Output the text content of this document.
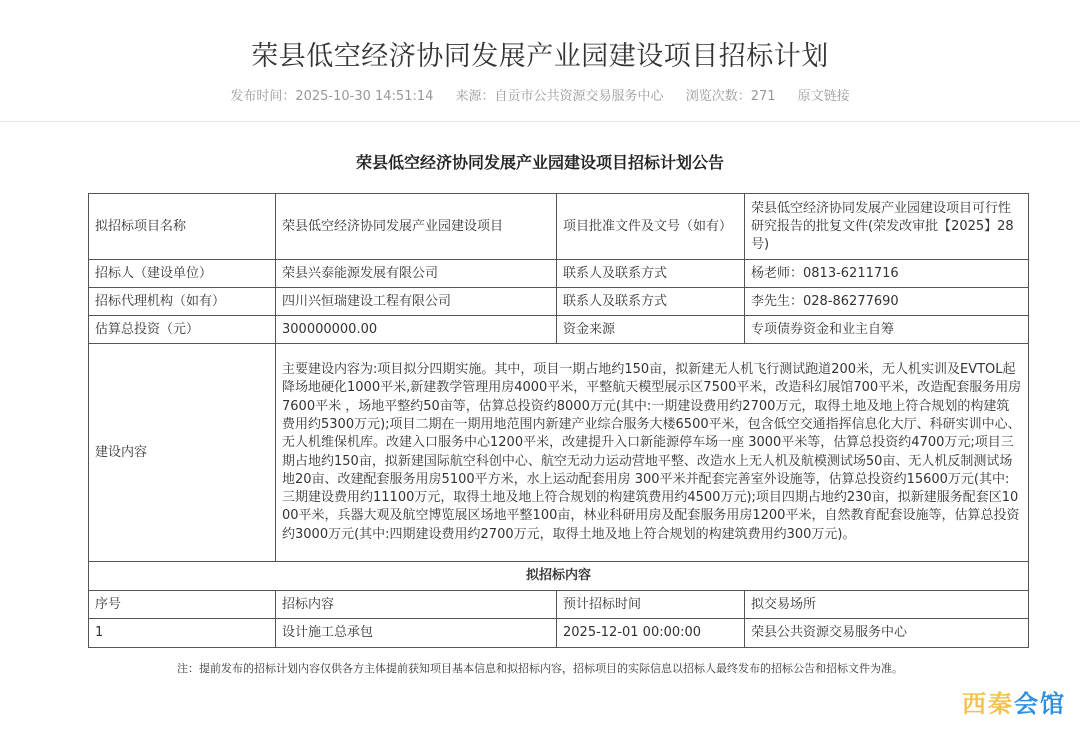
荣县低空经济协同发展产业园建设项目招标计划
发布时间：2025-10-30 14:51:14 来源：自贡市公共资源交易服务中心 浏览次数：271 原文链接
荣县低空经济协同发展产业园建设项目招标计划公告
拟招标项目名称	荣县低空经济协同发展产业园建设项目	项目批准文件及文号（如有）	荣县低空经济协同发展产业园建设项目可行性研究报告的批复文件(荣发改审批【2025】28号)
招标人（建设单位）	荣县兴泰能源发展有限公司	联系人及联系方式	杨老师：0813-6211716
招标代理机构（如有）	四川兴恒瑞建设工程有限公司	联系人及联系方式	李先生：028-86277690
估算总投资（元）	300000000.00	资金来源	专项债券资金和业主自筹
建设内容	主要建设内容为:项目拟分四期实施。其中，项目一期占地约150亩，拟新建无人机飞行测试跑道200米，无人机实训及EVTOL起降场地硬化1000平米,新建教学管理用房4000平米，平整航天模型展示区7500平米，改造科幻展馆700平米，改造配套服务用房7600平米 ，场地平整约50亩等，估算总投资约8000万元(其中:一期建设费用约2700万元，取得土地及地上符合规划的构建筑费用约5300万元);项目二期在一期用地范围内新建产业综合服务大楼6500平米，包含低空交通指挥信息化大厅、科研实训中心、无人机维保机库。改建入口服务中心1200平米，改建提升入口新能源停车场一座 3000平米等，估算总投资约4700万元;项目三期占地约150亩，拟新建国际航空科创中心、航空无动力运动营地平整、改造水上无人机及航模测试场50亩、无人机反制测试场地20亩、改建配套服务用房5100平方米，水上运动配套用房 300平米并配套完善室外设施等，估算总投资约15600万元(其中:三期建设费用约11100万元，取得土地及地上符合规划的构建筑费用约4500万元);项目四期占地约230亩，拟新建服务配套区1000平米，兵器大观及航空博览展区场地平整100亩，林业科研用房及配套服务用房1200平米，自然教育配套设施等，估算总投资约3000万元(其中:四期建设费用约2700万元，取得土地及地上符合规划的构建筑费用约300万元)。		
拟招标内容			
序号	招标内容	预计招标时间	拟交易场所
1	设计施工总承包	2025-12-01 00:00:00	荣县公共资源交易服务中心
注：提前发布的招标计划内容仅供各方主体提前获知项目基本信息和拟招标内容，招标项目的实际信息以招标人最终发布的招标公告和招标文件为准。
西秦会馆
